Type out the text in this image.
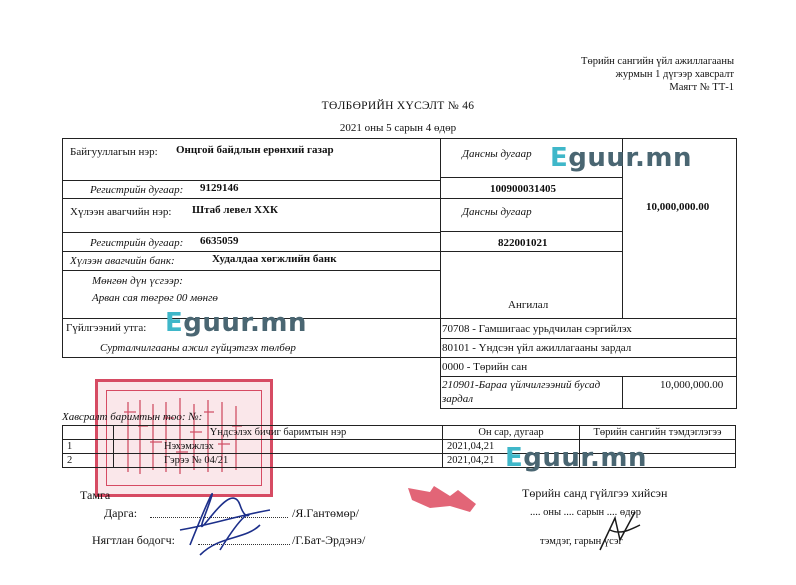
Төрийн сангийн үйл ажиллагааны
журмын 1 дүгээр хавсралт
Маягт № ТТ-1
ТӨЛБӨРИЙН ХҮСЭЛТ № 46
2021 оны 5 сарын 4 өдөр
Байгууллагын нэр: Онцгой байдлын ерөнхий газар
Регистрийн дугаар: 9129146
Дансны дугаар
100900031405
10,000,000.00
Хүлээн авагчийн нэр: Штаб левел ХХК	Дансны дугаар
Регистрийн дугаар: 6635059	822001021
Хүлээн авагчийн банк:	Худалдаа хөгжлийн банк
Мөнгөн дүн үсгээр:
Арван сая төгрөг 00 мөнгө
Ангилал
Гүйлгээний утга:
Сурталчилгааны ажил гүйцэтгэх төлбөр
70708 - Гамшигаас урьдчилан сэргийлэх
80101 - Үндсэн үйл ажиллагааны зардал
0000 - Төрийн сан
210901-Бараа үйлчилгээний бусад
зардал
10,000,000.00
Хавсралт баримтын тоо: №:
	Үндсэлэх бичиг баримтын нэр	Он сар, дугаар	Төрийн сангийн тэмдэглэгээ
1	Нэхэмжлэх	2021,04,21	
2	Гэрээ № 04/21	2021,04,21	
Тамга
Дарга:	/Я.Гантөмөр/
Нягтлан бодогч:	/Г.Бат-Эрдэнэ/
Төрийн санд гүйлгээ хийсэн
.... оны .... сарын .... өдөр
тэмдэг, гарын үсэг
Eguur.mn
Eguur.mn
Eguur.mn
